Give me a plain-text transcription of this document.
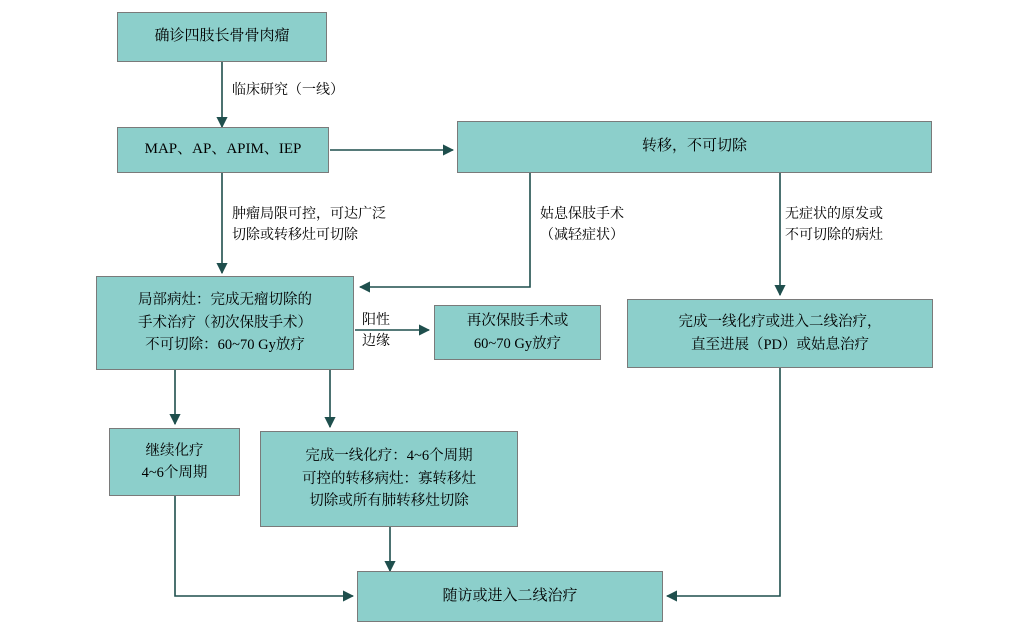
确诊四肢长骨骨肉瘤
MAP、AP、APIM、IEP	转移，不可切除
局部病灶：完成无瘤切除的
手术治疗（初次保肢手术）
不可切除：60~70 Gy放疗
再次保肢手术或
60~70 Gy放疗
完成一线化疗或进入二线治疗，
直至进展（PD）或姑息治疗
继续化疗
4~6个周期
完成一线化疗：4~6个周期
可控的转移病灶：寡转移灶
切除或所有肺转移灶切除
随访或进入二线治疗
临床研究（一线）
肿瘤局限可控，可达广泛
切除或转移灶可切除
姑息保肢手术
（减轻症状）
无症状的原发或
不可切除的病灶
阳性
边缘
